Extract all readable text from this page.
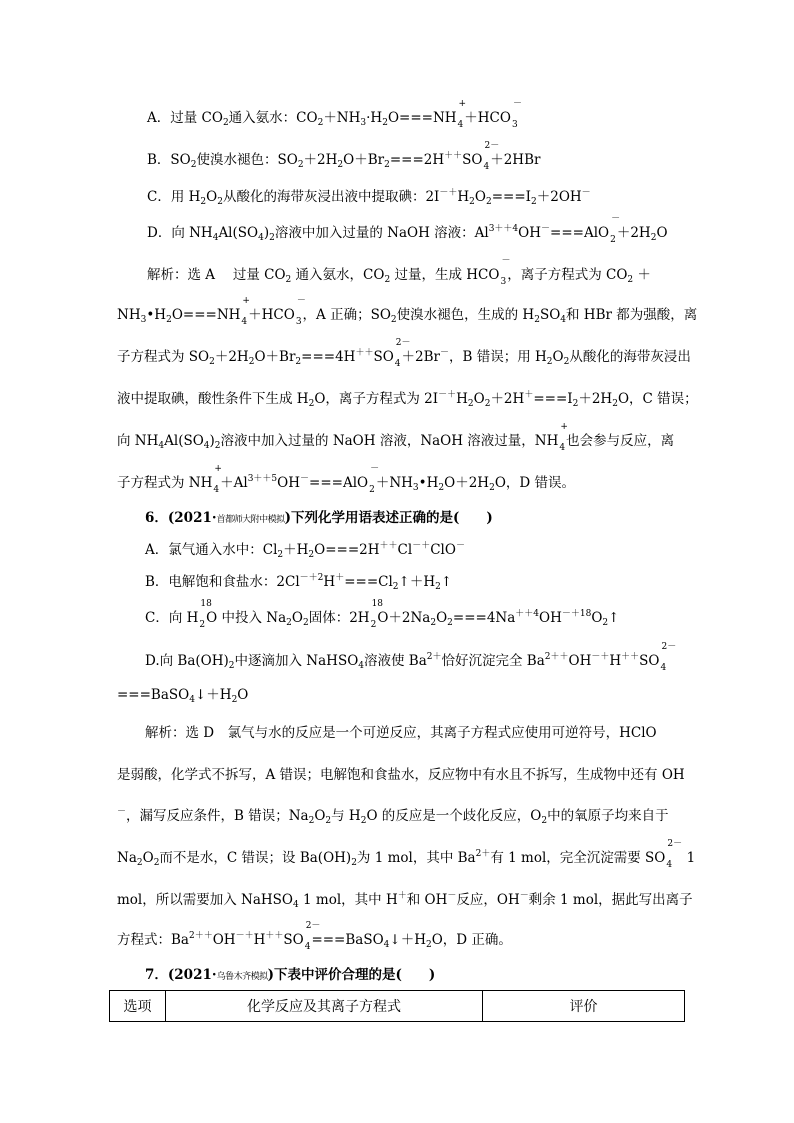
A．过量 $CO_2$通入氨水：$CO_2+NH_3\cdot H_2O===NH$
+
$_4$＋HCO
－
$_3$
B．$SO_2$使溴水褪色：$SO_2+2H_2O+Br_2===2H^{++}SO$
2－
$_4$＋2HBr
C．用 $H_2O_2$从酸化的海带灰浸出液中提取碘：$2I^{-+}H_2O_2===I_2+2OH^-$
D．向 $NH_4Al(SO_4)_2$溶液中加入过量的 NaOH 溶液：$Al^{3++4}OH^-===AlO$
－
$_2+2H_2O$
解析：选 A　 过量 $CO_2$ 通入氨水，$CO_2$ 过量，生成 HCO
－
$_3$，离子方程式为 $CO_2$ ＋
$NH_3•H_2O===NH$
+
$_4$＋HCO
－
$_3$，A 正确；$SO_2$使溴水褪色，生成的 $H_2SO_4$和 HBr 都为强酸，离
子方程式为 $SO_2+2H_2O+Br_2===4H^{++}SO$
2－
$_4$＋2Br－，B 错误；用 $H_2O_2$从酸化的海带灰浸出
液中提取碘，酸性条件下生成 $H_2O$，离子方程式为 $2I^{-+}H_2O_2+2H^+===I_2+2H_2O$，C 错误；
向 $NH_4Al(SO_4)_2$溶液中加入过量的 NaOH 溶液，NaOH 溶液过量，NH
+
$_4$也会参与反应，离
子方程式为 NH
+
$_4+Al^{3++5}OH^-===AlO$
－
$_2+NH_3•H_2O+2H_2O$，D 错误。
6．(2021·首都师大附中模拟)下列化学用语表述正确的是(　　)
A．氯气通入水中：$Cl_2+H_2O===2H^{++}Cl^{-+}ClO^-$
B．电解饱和食盐水：$2Cl^{-+2}H^+===Cl_2↑+H_2↑$
C．向 H
18
$_2$O 中投入 $Na_2O_2$固体：2H
18
$_2O+2Na_2O_2===4Na^{++4}OH^{-+18}O_2↑$
D.向 $Ba(OH)_2$中逐滴加入 NaHSO$_4$溶液使 $Ba^{2+}$恰好沉淀完全 $Ba^{2++}OH^{-+}H^{++}SO$
2－
$_4$
$===BaSO_4↓+H_2O$
解析：选 D　氯气与水的反应是一个可逆反应，其离子方程式应使用可逆符号，HClO
是弱酸，化学式不拆写，A 错误；电解饱和食盐水，反应物中有水且不拆写，生成物中还有 OH
－，漏写反应条件，B 错误；$Na_2O_2$与 $H_2O$ 的反应是一个歧化反应，$O_2$中的氧原子均来自于
$Na_2O_2$而不是水，C 错误；设 $Ba(OH)_2$为 1 mol，其中 $Ba^{2+}$有 1 mol，完全沉淀需要 SO
2－
$_4$　1
mol，所以需要加入 NaHSO$_4$ 1 mol，其中 H＋和 OH－反应，OH－剩余 1 mol，据此写出离子
方程式：$Ba^{2++}OH^{-+}H^{++}SO$
2－
$_4===BaSO_4↓+H_2O$，D 正确。
7．(2021·乌鲁木齐模拟)下表中评价合理的是(　　)
选项	化学反应及其离子方程式	评价
